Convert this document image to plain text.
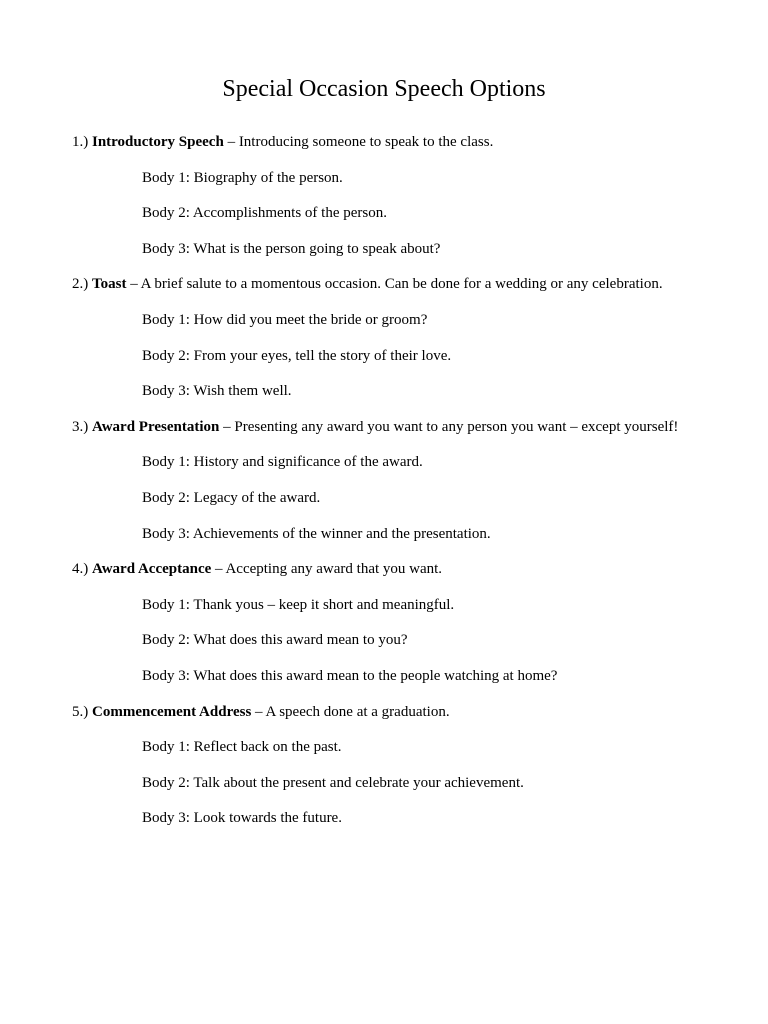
Special Occasion Speech Options

1.) Introductory Speech – Introducing someone to speak to the class.

Body 1: Biography of the person.

Body 2: Accomplishments of the person.

Body 3: What is the person going to speak about?

2.) Toast – A brief salute to a momentous occasion. Can be done for a wedding or any celebration.

Body 1: How did you meet the bride or groom?

Body 2: From your eyes, tell the story of their love.

Body 3: Wish them well.

3.) Award Presentation – Presenting any award you want to any person you want – except yourself!

Body 1: History and significance of the award.

Body 2: Legacy of the award.

Body 3: Achievements of the winner and the presentation.

4.) Award Acceptance – Accepting any award that you want.

Body 1: Thank yous – keep it short and meaningful.

Body 2: What does this award mean to you?

Body 3: What does this award mean to the people watching at home?

5.) Commencement Address – A speech done at a graduation.

Body 1: Reflect back on the past.

Body 2: Talk about the present and celebrate your achievement.

Body 3: Look towards the future.
